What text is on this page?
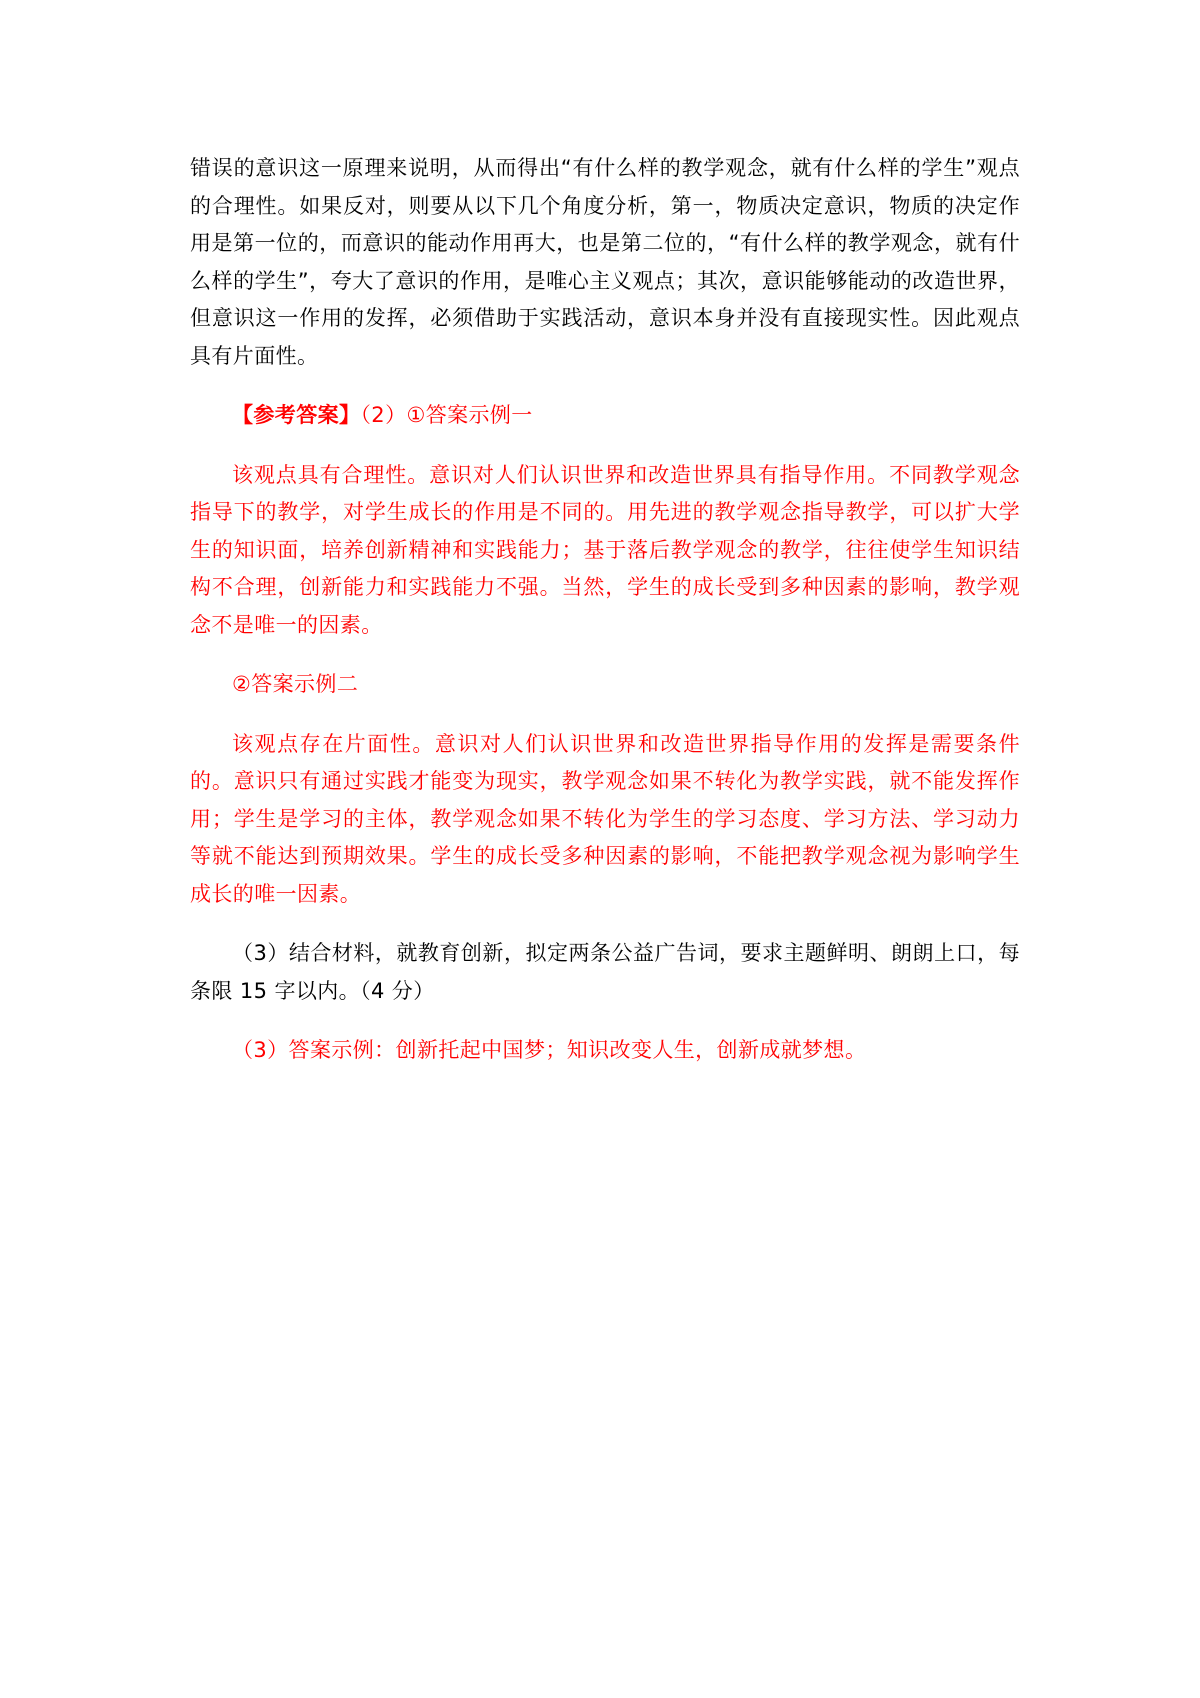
错误的意识这一原理来说明，从而得出“有什么样的教学观念，就有什么样的学生”观点的合理性。如果反对，则要从以下几个角度分析，第一，物质决定意识，物质的决定作用是第一位的，而意识的能动作用再大，也是第二位的，“有什么样的教学观念，就有什么样的学生”，夸大了意识的作用，是唯心主义观点；其次，意识能够能动的改造世界，但意识这一作用的发挥，必须借助于实践活动，意识本身并没有直接现实性。因此观点具有片面性。

【参考答案】（2）①答案示例一

该观点具有合理性。意识对人们认识世界和改造世界具有指导作用。不同教学观念指导下的教学，对学生成长的作用是不同的。用先进的教学观念指导教学，可以扩大学生的知识面，培养创新精神和实践能力；基于落后教学观念的教学，往往使学生知识结构不合理，创新能力和实践能力不强。当然，学生的成长受到多种因素的影响，教学观念不是唯一的因素。

②答案示例二

该观点存在片面性。意识对人们认识世界和改造世界指导作用的发挥是需要条件的。意识只有通过实践才能变为现实，教学观念如果不转化为教学实践，就不能发挥作用；学生是学习的主体，教学观念如果不转化为学生的学习态度、学习方法、学习动力等就不能达到预期效果。学生的成长受多种因素的影响，不能把教学观念视为影响学生成长的唯一因素。

（3）结合材料，就教育创新，拟定两条公益广告词，要求主题鲜明、朗朗上口，每条限 15 字以内。（4 分）

（3）答案示例：创新托起中国梦；知识改变人生，创新成就梦想。
